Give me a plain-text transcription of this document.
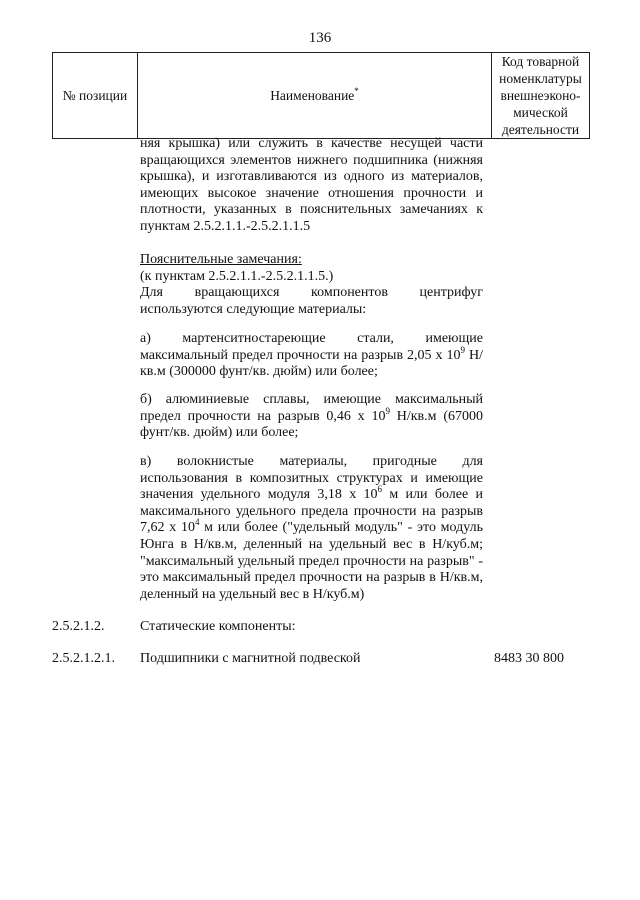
136
№ позиции	Наименование*	Код товарной номенклатуры внешнеэконо-мической деятельности

няя крышка) или служить в качестве несущей части вращающихся элементов нижнего подшипника (нижняя крышка), и изготавливаются из одного из материалов, имеющих высокое значение отношения прочности и плотности, указанных в пояснительных замечаниях к пунктам 2.5.2.1.1.-2.5.2.1.1.5

Пояснительные замечания:

(к пунктам 2.5.2.1.1.-2.5.2.1.1.5.)

Для вращающихся компонентов центрифуг используются следующие материалы:

а) мартенситностареющие стали, имеющие максимальный предел прочности на разрыв 2,05 х $10^9$ Н/кв.м (300000 фунт/кв. дюйм) или более;

б) алюминиевые сплавы, имеющие максимальный предел прочности на разрыв 0,46 х $10^9$ Н/кв.м (67000 фунт/кв. дюйм) или более;

в) волокнистые материалы, пригодные для использования в композитных структурах и имеющие значения удельного модуля 3,18 х $10^6$ м или более и максимального удельного предела прочности на разрыв 7,62 х $10^4$ м или более ("удельный модуль" - это модуль Юнга в Н/кв.м, деленный на удельный вес в Н/куб.м; "максимальный удельный предел прочности на разрыв" - это максимальный предел прочности на разрыв в Н/кв.м, деленный на удельный вес в Н/куб.м)

2.5.2.1.2.	Статические компоненты:
2.5.2.1.2.1. Подшипники с магнитной подвеской	8483 30 800
